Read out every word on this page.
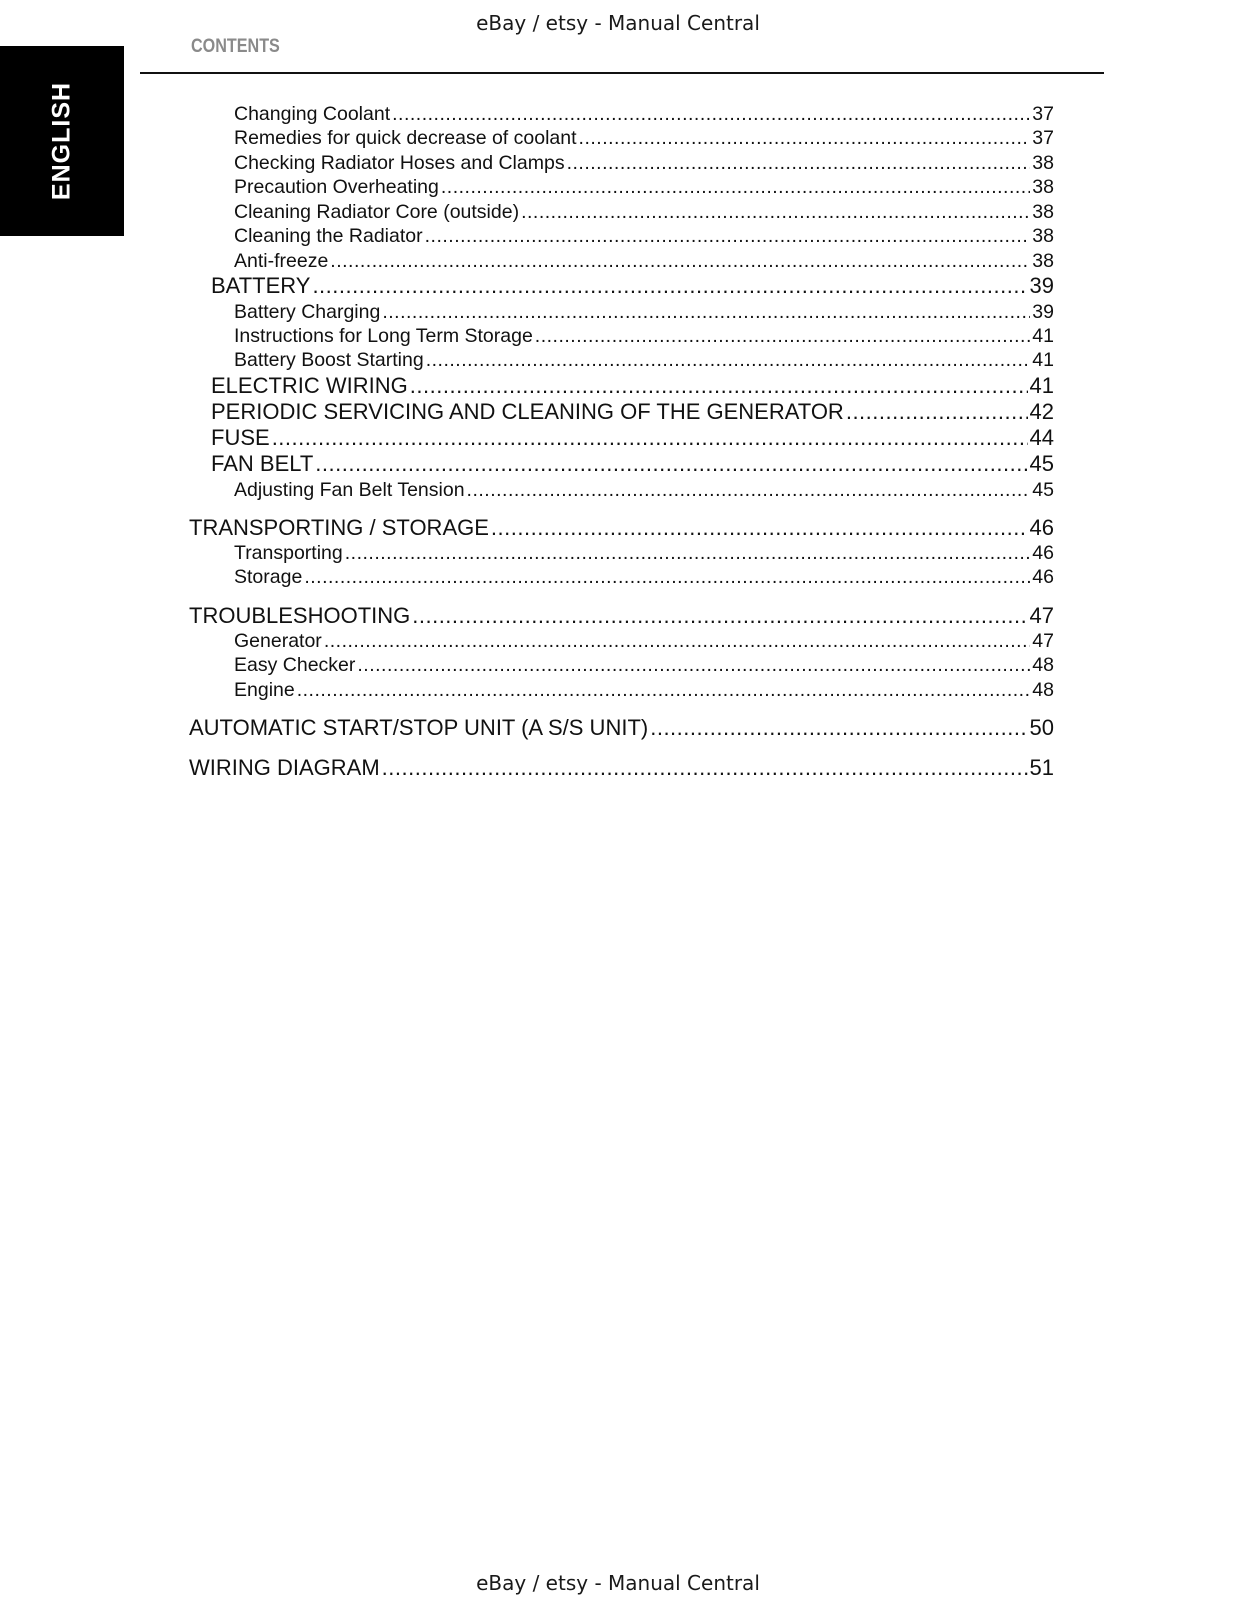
eBay / etsy - Manual Central
ENGLISH
CONTENTS
Changing Coolant .....	37
Remedies for quick decrease of coolant .....	37
Checking Radiator Hoses and Clamps .....	38
Precaution Overheating .....	38
Cleaning Radiator Core (outside) .....	38
Cleaning the Radiator .....	38
Anti-freeze .....	38
BATTERY .....	39
Battery Charging .....	39
Instructions for Long Term Storage .....	41
Battery Boost Starting .....	41
ELECTRIC WIRING .....	41
PERIODIC SERVICING AND CLEANING OF THE GENERATOR .....	42
FUSE .....	44
FAN BELT .....	45
Adjusting Fan Belt Tension .....	45
TRANSPORTING / STORAGE .....	46
Transporting .....	46
Storage .....	46
TROUBLESHOOTING .....	47
Generator .....	47
Easy Checker .....	48
Engine .....	48
AUTOMATIC START/STOP UNIT (A S/S UNIT) .....	50
WIRING DIAGRAM .....	51
eBay / etsy - Manual Central
